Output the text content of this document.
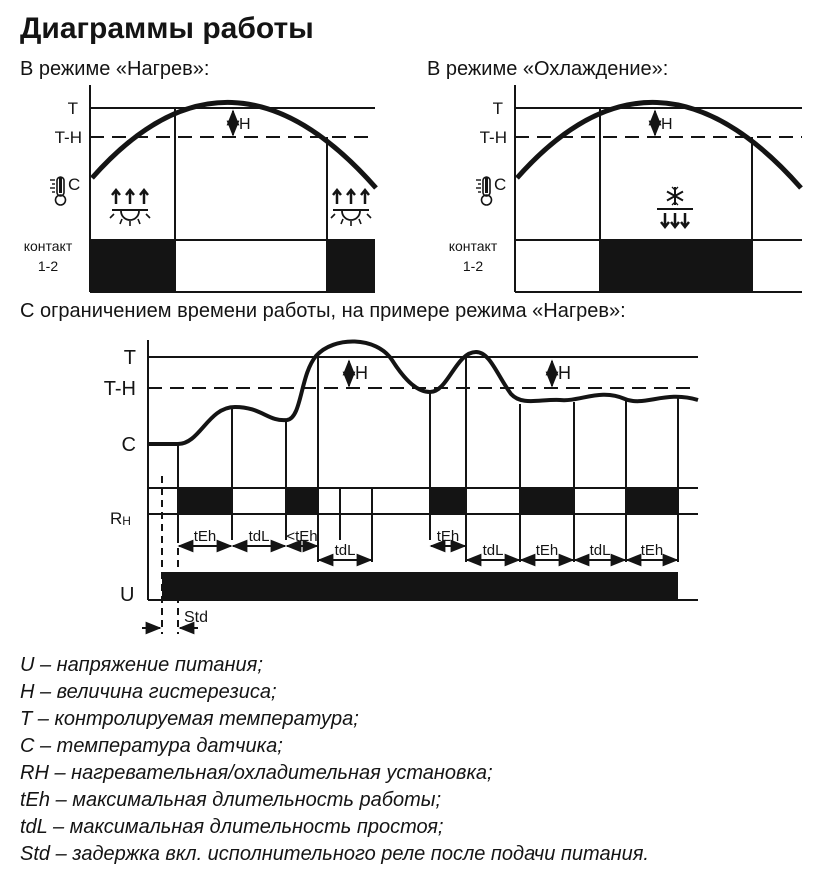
Диаграммы работы
В режиме «Нагрев»:	В режиме «Охлаждение»:
С ограничением времени работы, на примере режима «Нагрев»:
H
T
T-H
C
контакт
1-2
H
T
T-H
C
контакт
1-2
Std
H	H
T
T-H
C
RH
U
tEh tdL <tEh
tdL
tEh
tdL tEh tdL tEh
U – напряжение питания;
H – величина гистерезиса;
T – контролируемая температура;
C – температура датчика;
RH – нагревательная/охладительная установка;
tEh – максимальная длительность работы;
tdL – максимальная длительность простоя;
Std – задержка вкл. исполнительного реле после подачи питания.
